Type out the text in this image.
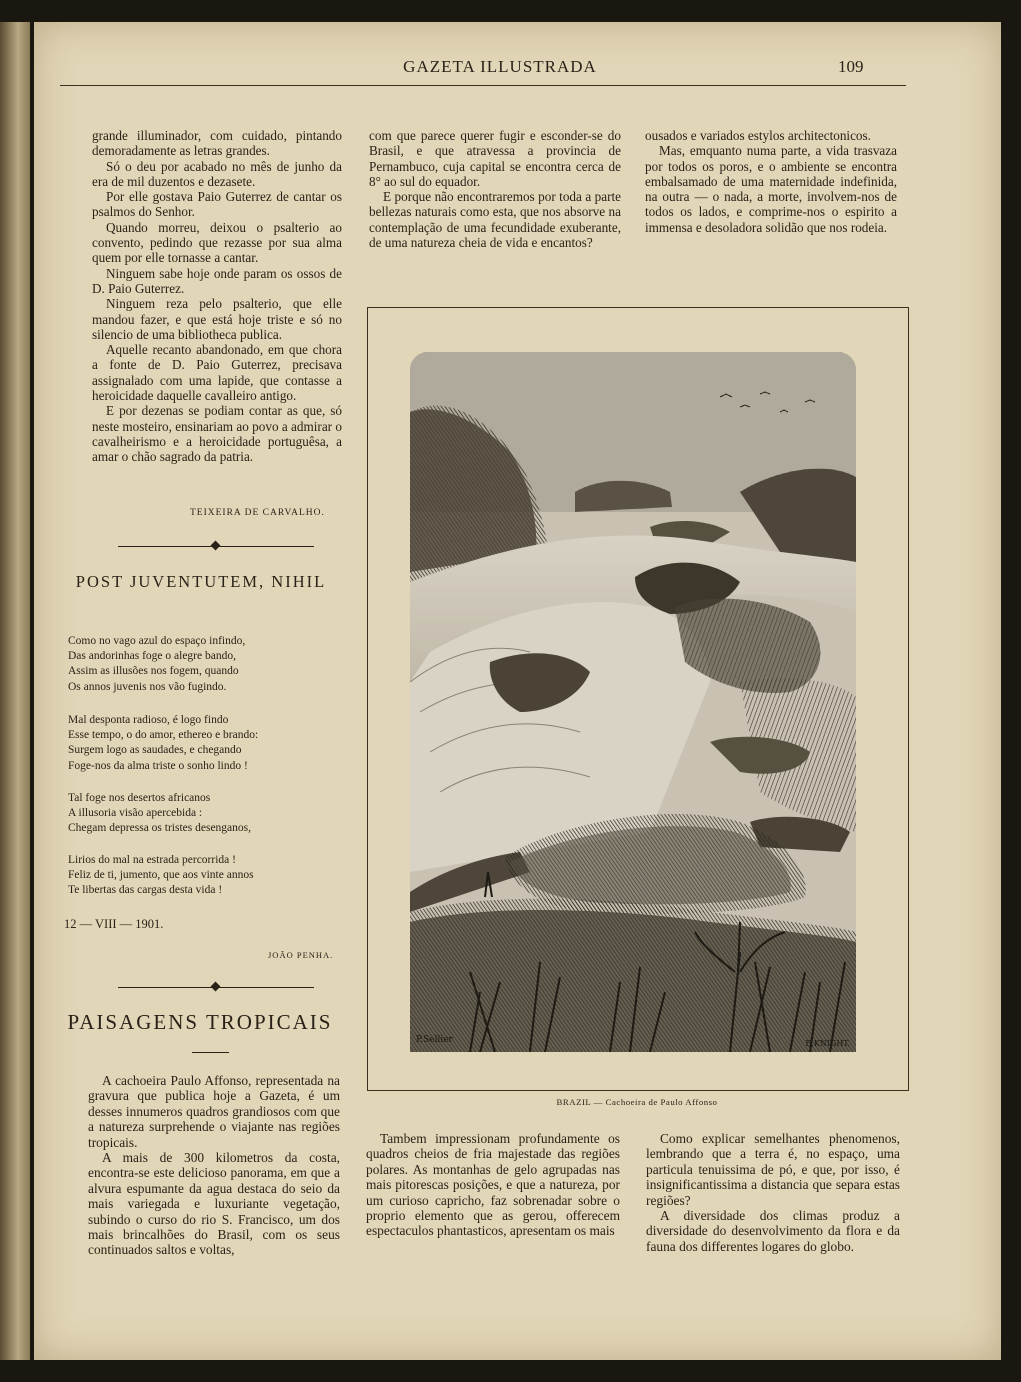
GAZETA ILLUSTRADA	109

grande illuminador, com cuidado, pintando demoradamente as letras grandes.

Só o deu por acabado no mês de junho da era de mil duzentos e dezasete.

Por elle gostava Paio Guterrez de cantar os psalmos do Senhor.

Quando morreu, deixou o psalterio ao convento, pedindo que rezasse por sua alma quem por elle tornasse a cantar.

Ninguem sabe hoje onde param os ossos de D. Paio Guterrez.

Ninguem reza pelo psalterio, que elle mandou fazer, e que está hoje triste e só no silencio de uma bibliotheca publica.

Aquelle recanto abandonado, em que chora a fonte de D. Paio Guterrez, precisava assignalado com uma lapide, que contasse a heroicidade daquelle cavalleiro antigo.

E por dezenas se podiam contar as que, só neste mosteiro, ensinariam ao povo a admirar o cavalheirismo e a heroicidade portuguêsa, a amar o chão sagrado da patria.

TEIXEIRA DE CARVALHO.
POST JUVENTUTEM, NIHIL
Como no vago azul do espaço infindo,
Das andorinhas foge o alegre bando,
Assim as illusões nos fogem, quando
Os annos juvenis nos vão fugindo.
Mal desponta radioso, é logo findo
Esse tempo, o do amor, ethereo e brando:
Surgem logo as saudades, e chegando
Foge-nos da alma triste o sonho lindo !
Tal foge nos desertos africanos
A illusoria visão apercebida :
Chegam depressa os tristes desenganos,
Lirios do mal na estrada percorrida !
Feliz de ti, jumento, que aos vinte annos
Te libertas das cargas desta vida !
12 — VIII — 1901.
JOÃO PENHA.
PAISAGENS TROPICAIS

A cachoeira Paulo Affonso, representada na gravura que publica hoje a Gazeta, é um desses innumeros quadros grandiosos com que a natureza surprehende o viajante nas regiões tropicais.

A mais de 300 kilometros da costa, encontra-se este delicioso panorama, em que a alvura espumante da agua destaca do seio da mais variegada e luxuriante vegetação, subindo o curso do rio S. Francisco, um dos mais brincalhões do Brasil, com os seus continuados saltos e voltas,

com que parece querer fugir e esconder-se do Brasil, e que atravessa a provincia de Pernambuco, cuja capital se encontra cerca de 8° ao sul do equador.

E porque não encontraremos por toda a parte bellezas naturais como esta, que nos absorve na contemplação de uma fecundidade exuberante, de uma natureza cheia de vida e encantos?

ousados e variados estylos architectonicos.

Mas, emquanto numa parte, a vida trasvaza por todos os poros, e o ambiente se encontra embalsamado de uma maternidade indefinida, na outra — o nada, a morte, involvem-nos de todos os lados, e comprime-nos o espirito a immensa e desoladora solidão que nos rodeia.

P.Sellier	E.KNIGHT.
BRAZIL — Cachoeira de Paulo Affonso

Tambem impressionam profundamente os quadros cheios de fria majestade das regiões polares. As montanhas de gelo agrupadas nas mais pitorescas posições, e que a natureza, por um curioso capricho, faz sobrenadar sobre o proprio elemento que as gerou, offerecem espectaculos phantasticos, apresentam os mais

Como explicar semelhantes phenomenos, lembrando que a terra é, no espaço, uma particula tenuissima de pó, e que, por isso, é insignificantissima a distancia que separa estas regiões?

A diversidade dos climas produz a diversidade do desenvolvimento da flora e da fauna dos differentes logares do globo.
